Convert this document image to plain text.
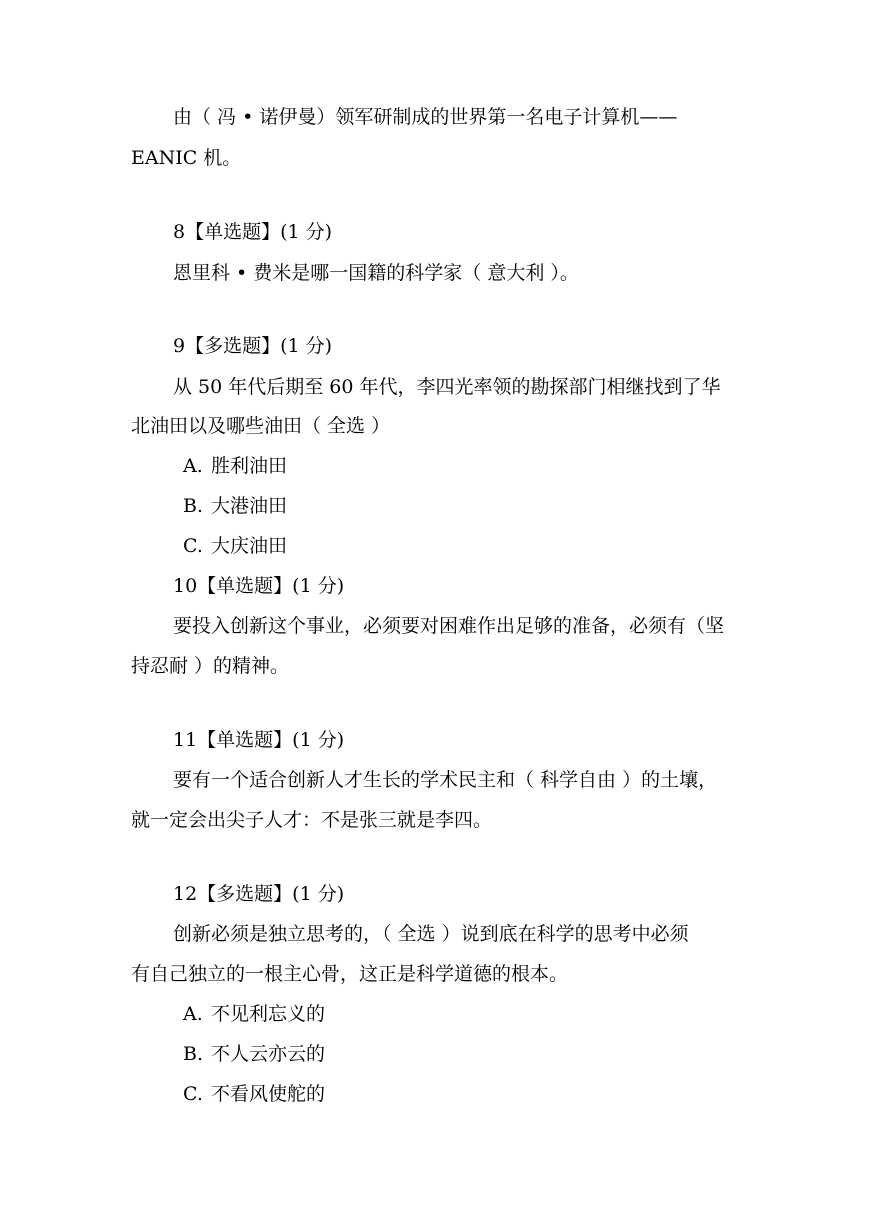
由（ 冯 • 诺伊曼）领军研制成的世界第一名电子计算机——
EANIC 机。
8【单选题】(1 分)
恩里科 • 费米是哪一国籍的科学家（ 意大利 ）。
9【多选题】(1 分)
从 50 年代后期至 60 年代，李四光率领的勘探部门相继找到了华
北油田以及哪些油田（ 全选 ）
A. 胜利油田
B. 大港油田
C. 大庆油田
10【单选题】(1 分)
要投入创新这个事业，必须要对困难作出足够的准备，必须有（坚
持忍耐 ）的精神。
11【单选题】(1 分)
要有一个适合创新人才生长的学术民主和（ 科学自由 ）的土壤，
就一定会出尖子人才：不是张三就是李四。
12【多选题】(1 分)
创新必须是独立思考的，（ 全选 ）说到底在科学的思考中必须
有自己独立的一根主心骨，这正是科学道德的根本。
A. 不见利忘义的
B. 不人云亦云的
C. 不看风使舵的
